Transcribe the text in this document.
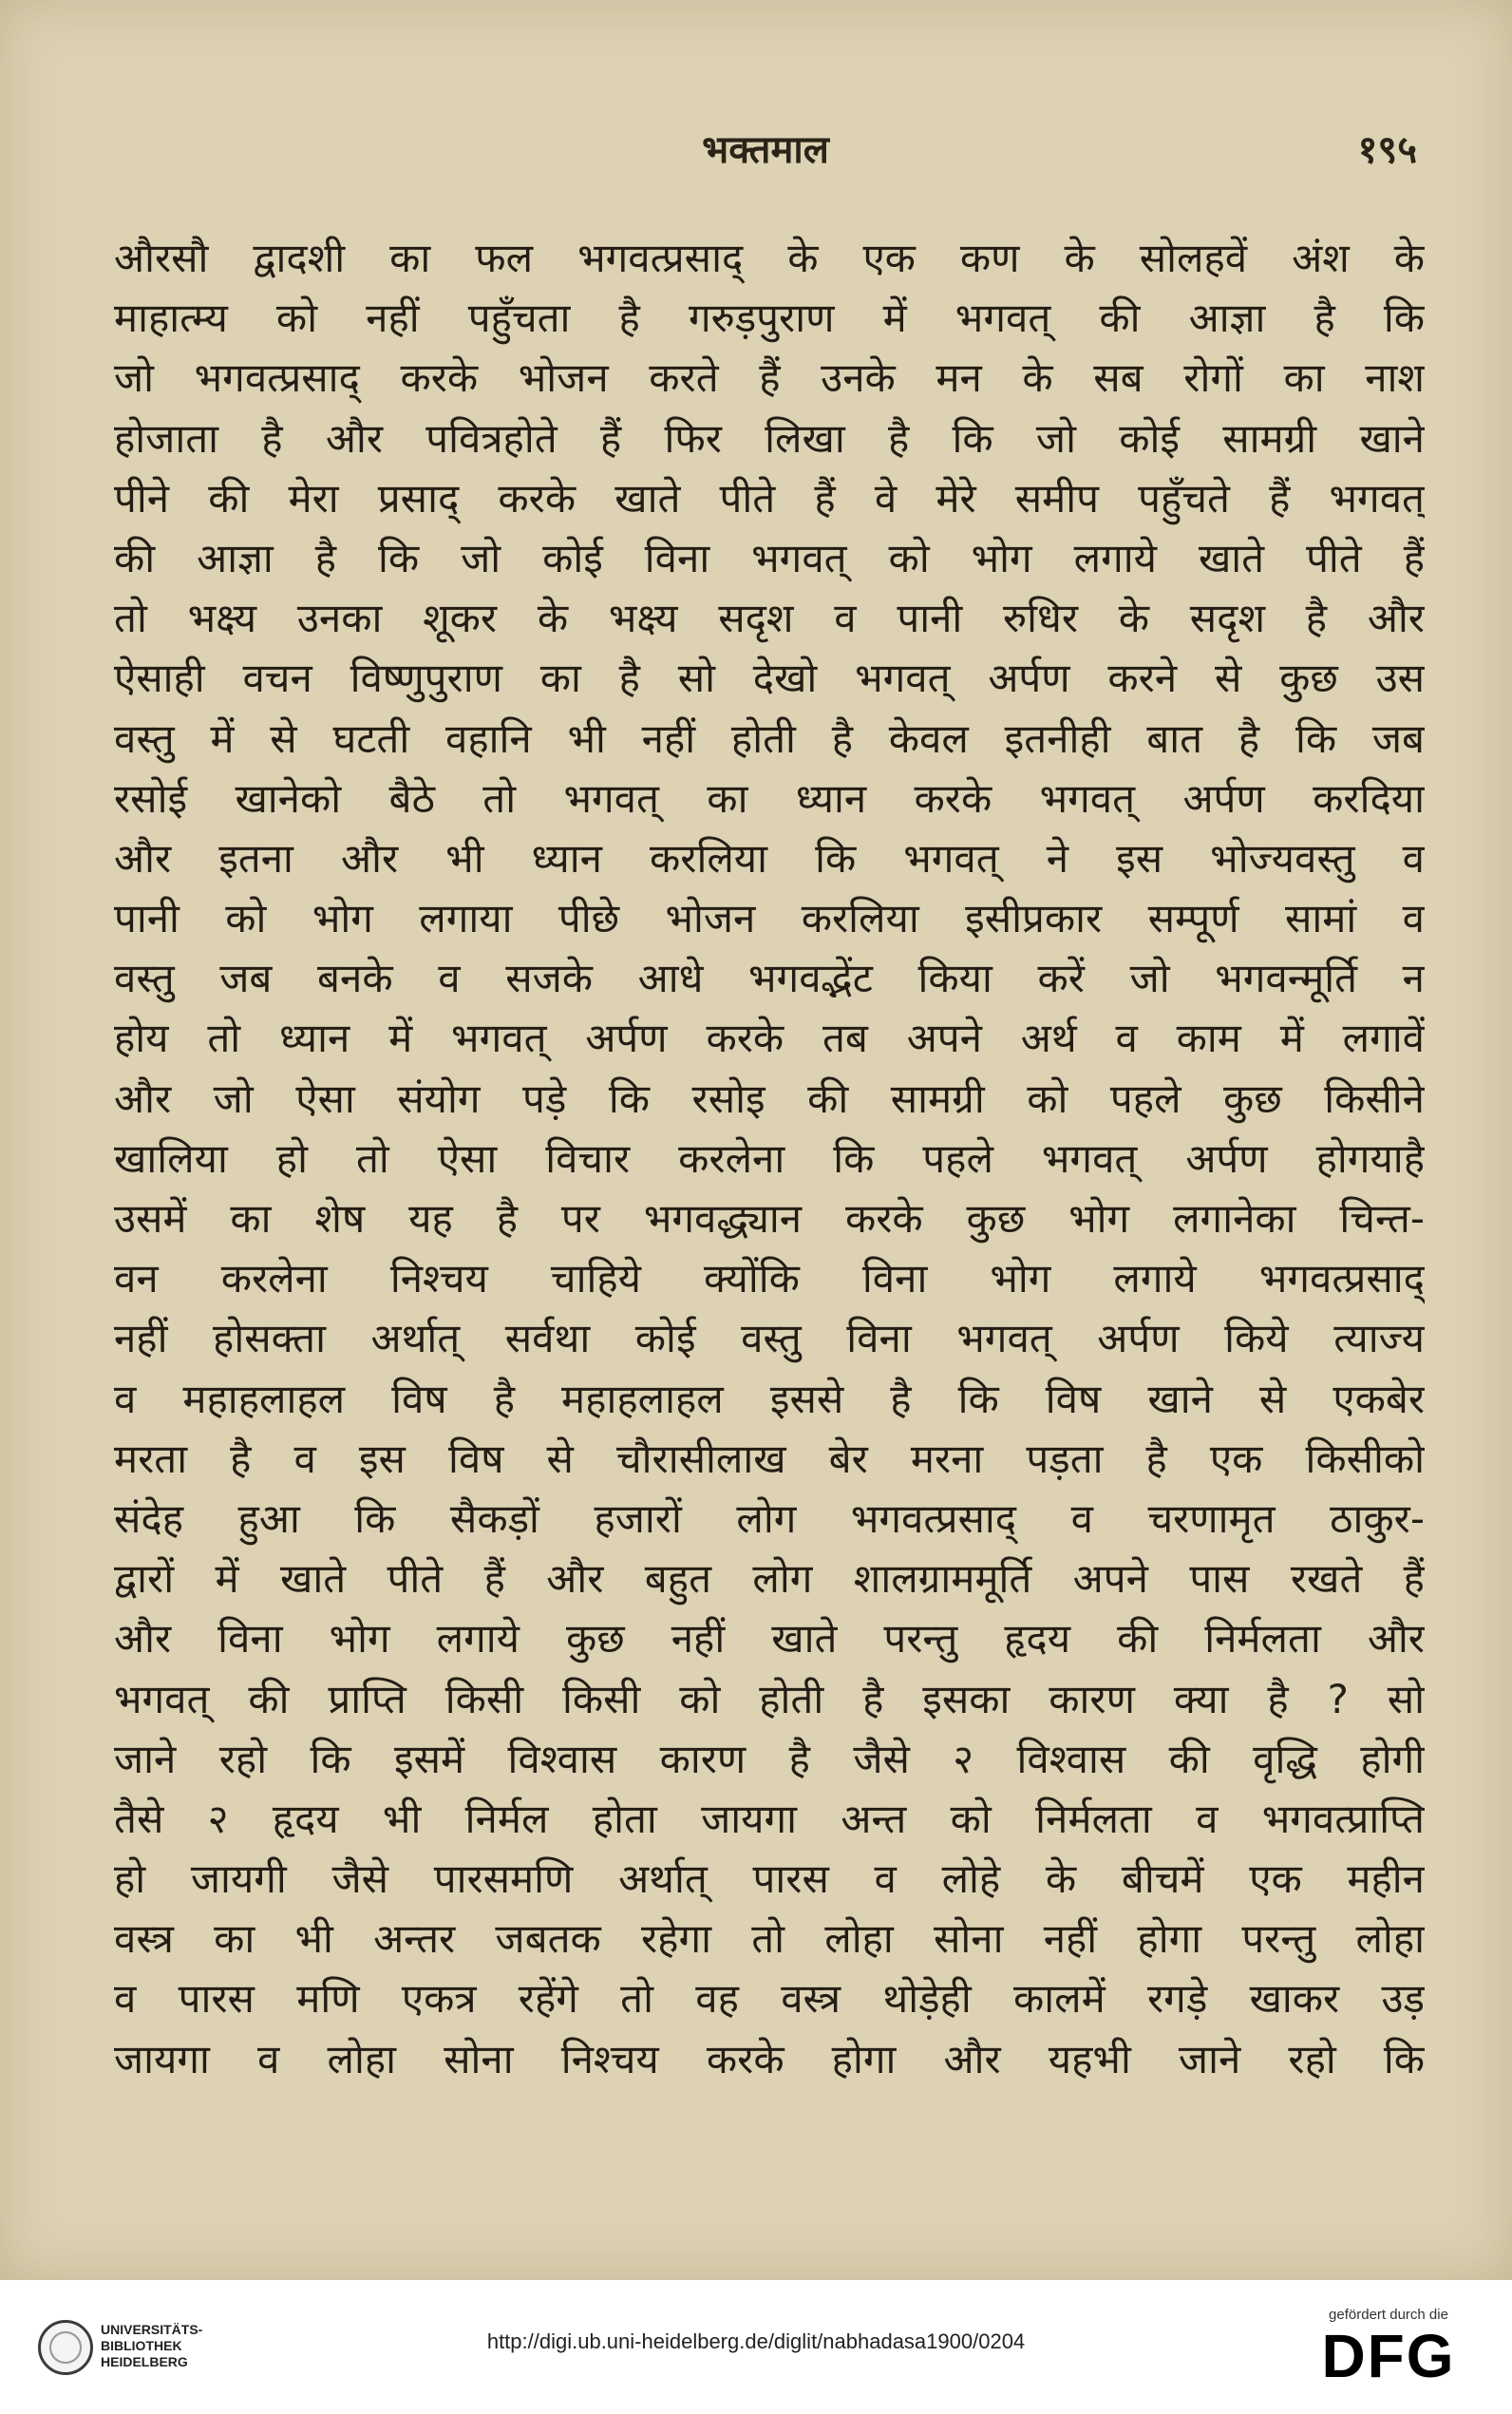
भक्तमाल	१९५
औरसौ द्वादशी का फल भगवत्प्रसाद् के एक कण के सोलहवें अंश के
माहात्म्य को नहीं पहुँचता है गरुड़पुराण में भगवत् की आज्ञा है कि
जो भगवत्प्रसाद् करके भोजन करते हैं उनके मन के सब रोगों का नाश
होजाता है और पवित्रहोते हैं फिर लिखा है कि जो कोई सामग्री खाने
पीने की मेरा प्रसाद् करके खाते पीते हैं वे मेरे समीप पहुँचते हैं भगवत्
की आज्ञा है कि जो कोई विना भगवत् को भोग लगाये खाते पीते हैं
तो भक्ष्य उनका शूकर के भक्ष्य सदृश व पानी रुधिर के सदृश है और
ऐसाही वचन विष्णुपुराण का है सो देखो भगवत् अर्पण करने से कुछ उस
वस्तु में से घटती वहानि भी नहीं होती है केवल इतनीही बात है कि जब
रसोई खानेको बैठे तो भगवत् का ध्यान करके भगवत् अर्पण करदिया
और इतना और भी ध्यान करलिया कि भगवत् ने इस भोज्यवस्तु व
पानी को भोग लगाया पीछे भोजन करलिया इसीप्रकार सम्पूर्ण सामां व
वस्तु जब बनके व सजके आधे भगवद्भेंट किया करें जो भगवन्मूर्ति न
होय तो ध्यान में भगवत् अर्पण करके तब अपने अर्थ व काम में लगावें
और जो ऐसा संयोग पड़े कि रसोइ की सामग्री को पहले कुछ किसीने
खालिया हो तो ऐसा विचार करलेना कि पहले भगवत् अर्पण होगयाहै
उसमें का शेष यह है पर भगवद्ध्यान करके कुछ भोग लगानेका चिन्त-
वन करलेना निश्चय चाहिये क्योंकि विना भोग लगाये भगवत्प्रसाद्
नहीं होसक्ता अर्थात् सर्वथा कोई वस्तु विना भगवत् अर्पण किये त्याज्य
व महाहलाहल विष है महाहलाहल इससे है कि विष खाने से एकबेर
मरता है व इस विष से चौरासीलाख बेर मरना पड़ता है एक किसीको
संदेह हुआ कि सैकड़ों हजारों लोग भगवत्प्रसाद् व चरणामृत ठाकुर-
द्वारों में खाते पीते हैं और बहुत लोग शालग्राममूर्ति अपने पास रखते हैं
और विना भोग लगाये कुछ नहीं खाते परन्तु हृदय की निर्मलता और
भगवत् की प्राप्ति किसी किसी को होती है इसका कारण क्या है ? सो
जाने रहो कि इसमें विश्वास कारण है जैसे २ विश्वास की वृद्धि होगी
तैसे २ हृदय भी निर्मल होता जायगा अन्त को निर्मलता व भगवत्प्राप्ति
हो जायगी जैसे पारसमणि अर्थात् पारस व लोहे के बीचमें एक महीन
वस्त्र का भी अन्तर जबतक रहेगा तो लोहा सोना नहीं होगा परन्तु लोहा
व पारस मणि एकत्र रहेंगे तो वह वस्त्र थोड़ेही कालमें रगड़े खाकर उड़
जायगा व लोहा सोना निश्चय करके होगा और यहभी जाने रहो कि
UNIVERSITÄTS-
BIBLIOTHEK
HEIDELBERG
http://digi.ub.uni-heidelberg.de/diglit/nabhadasa1900/0204
gefördert durch die
DFG
